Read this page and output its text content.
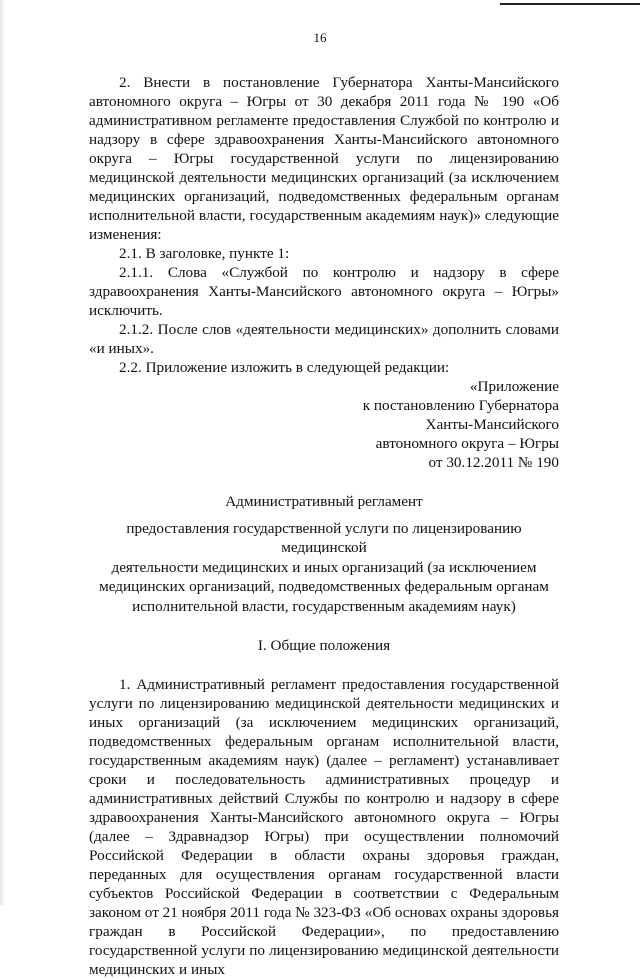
16

2. Внести в постановление Губернатора Ханты-Мансийского автономного округа – Югры от 30 декабря 2011 года № 190 «Об административном регламенте предоставления Службой по контролю и надзору в сфере здравоохранения Ханты-Мансийского автономного округа – Югры государственной услуги по лицензированию медицинской деятельности медицинских организаций (за исключением медицинских организаций, подведомственных федеральным органам исполнительной власти, государственным академиям наук)» следующие изменения:

2.1. В заголовке, пункте 1:

2.1.1. Слова «Службой по контролю и надзору в сфере здравоохранения Ханты-Мансийского автономного округа – Югры» исключить.

2.1.2. После слов «деятельности медицинских» дополнить словами «и иных».

2.2. Приложение изложить в следующей редакции:

«Приложение
к постановлению Губернатора
Ханты-Мансийского
автономного округа – Югры
от 30.12.2011 № 190
Административный регламент
предоставления государственной услуги по лицензированию медицинской
деятельности медицинских и иных организаций (за исключением
медицинских организаций, подведомственных федеральным органам
исполнительной власти, государственным академиям наук)
I. Общие положения

1. Административный регламент предоставления государственной услуги по лицензированию медицинской деятельности медицинских и иных организаций (за исключением медицинских организаций, подведомственных федеральным органам исполнительной власти, государственным академиям наук) (далее – регламент) устанавливает сроки и последовательность административных процедур и административных действий Службы по контролю и надзору в сфере здравоохранения Ханты-Мансийского автономного округа – Югры (далее – Здравнадзор Югры) при осуществлении полномочий Российской Федерации в области охраны здоровья граждан, переданных для осуществления органам государственной власти субъектов Российской Федерации в соответствии с Федеральным законом от 21 ноября 2011 года № 323-ФЗ «Об основах охраны здоровья граждан в Российской Федерации», по предоставлению государственной услуги по лицензированию медицинской деятельности медицинских и иных
